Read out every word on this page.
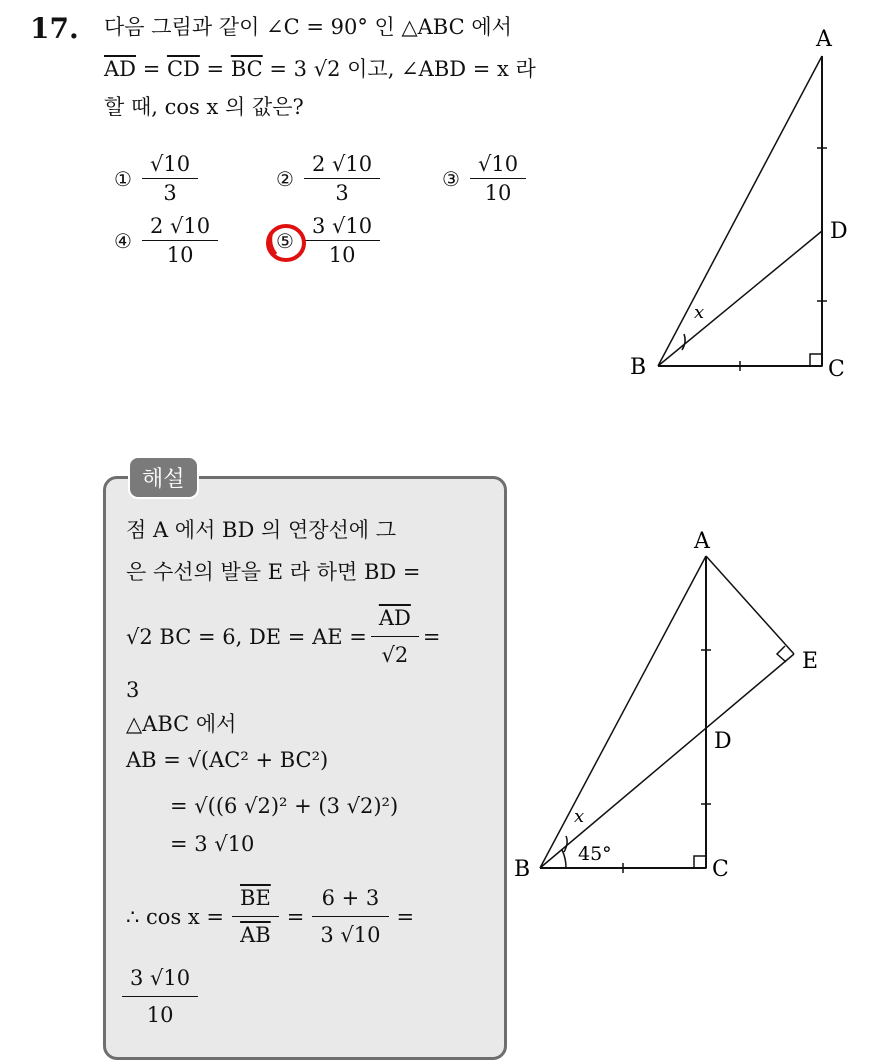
17. 다음 그림과 같이 ∠C = 90° 인 △ABC 에서
$\overline{AD} = \overline{CD} = \overline{BC} = 3$ √2 이고, ∠ABD = x 라
할 때, cos x 의 값은?
① $\frac{√10}{3}$	② $\frac{2 √10}{3}$	③ $\frac{√10}{10}$
④ $\frac{2 √10}{10}$	⑤ $\frac{3 √10}{10}$
A
B	C
D
x
해설
점 A 에서 BD 의 연장선에 그
은 수선의 발을 E 라 하면 BD =
√2 BC = 6, DE = AE = $\frac{\overline{AD}}{√2}$ =
3
△ABC 에서
AB = √(AC² + BC²)
= √((6 √2)² + (3 √2)²)
= 3 √10
∴ $\cos x = \frac{\overline{BE}}{AB} = \frac{6 + 3}{3 √10}$ =
$\frac{3 √10}{10}$
A
B	C
D
E
x
45°
